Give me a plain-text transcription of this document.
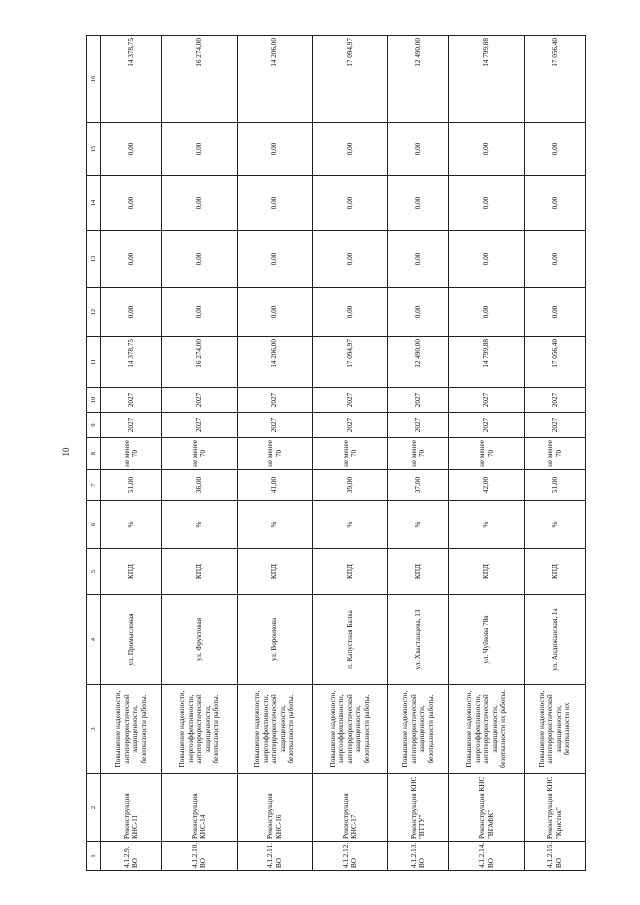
10
1	2	3	4	5	6	7	8	9	10	11	12	13	14	15	16
4.1.2.9. ВО	Реконструкция КНС-11	Повышение надежности, антитеррористической защищенности, безотказности работы.	ул. Промысловая	КПД	%	51,00	не менее 70	2027	2027	14 378,75	0,00	0,00	0,00	0,00	14 378,75
4.1.2.10. ВО	Реконструкция КНС-14	Повышение надежности, энергоэффективности, антитеррористической защищенности, безотказности работы.	ул. Фруктовая	КПД	%	36,00	не менее 70	2027	2027	16 274,00	0,00	0,00	0,00	0,00	16 274,00
4.1.2.11. ВО	Реконструкция КНС-16	Повышение надежности, энергоэффективности, антитеррористической защищенности, безотказности работы.	ул. Воронкова	КПД	%	41,00	не менее 70	2027	2027	14 206,00	0,00	0,00	0,00	0,00	14 206,00
4.1.2.12. ВО	Реконструкция КНС-17	Повышение надежности, энергоэффективности, антитеррористической защищенности, безотказности работы.	п. Капустная Балка	КПД	%	39,00	не менее 70	2027	2027	17 094,97	0,00	0,00	0,00	0,00	17 094,97
4.1.2.13. ВО	Реконструкция КНС "ВТТУ"	Повышение надежности, антитеррористической защищенности, безотказности работы.	ул. Хвастанцева, 13	КПД	%	37,00	не менее 70	2027	2027	12 490,00	0,00	0,00	0,00	0,00	12 490,00
4.1.2.14. ВО	Реконструкция КНС "ВГАФК"	Повышение надежности, энергоэффективности, антитеррористической защищенности, безотказности их работы.	ул. Чуйкова 78в	КПД	%	42,00	не менее 70	2027	2027	14 799,88	0,00	0,00	0,00	0,00	14 799,88
4.1.2.15. ВО	Реконструкция КНС "Кристик"	Повышение надежности, антитеррористической защищенности, безотказности их	ул. Андижанская, 1а	КПД	%	51,00	не менее 70	2027	2027	17 056,40	0,00	0,00	0,00	0,00	17 056,40
